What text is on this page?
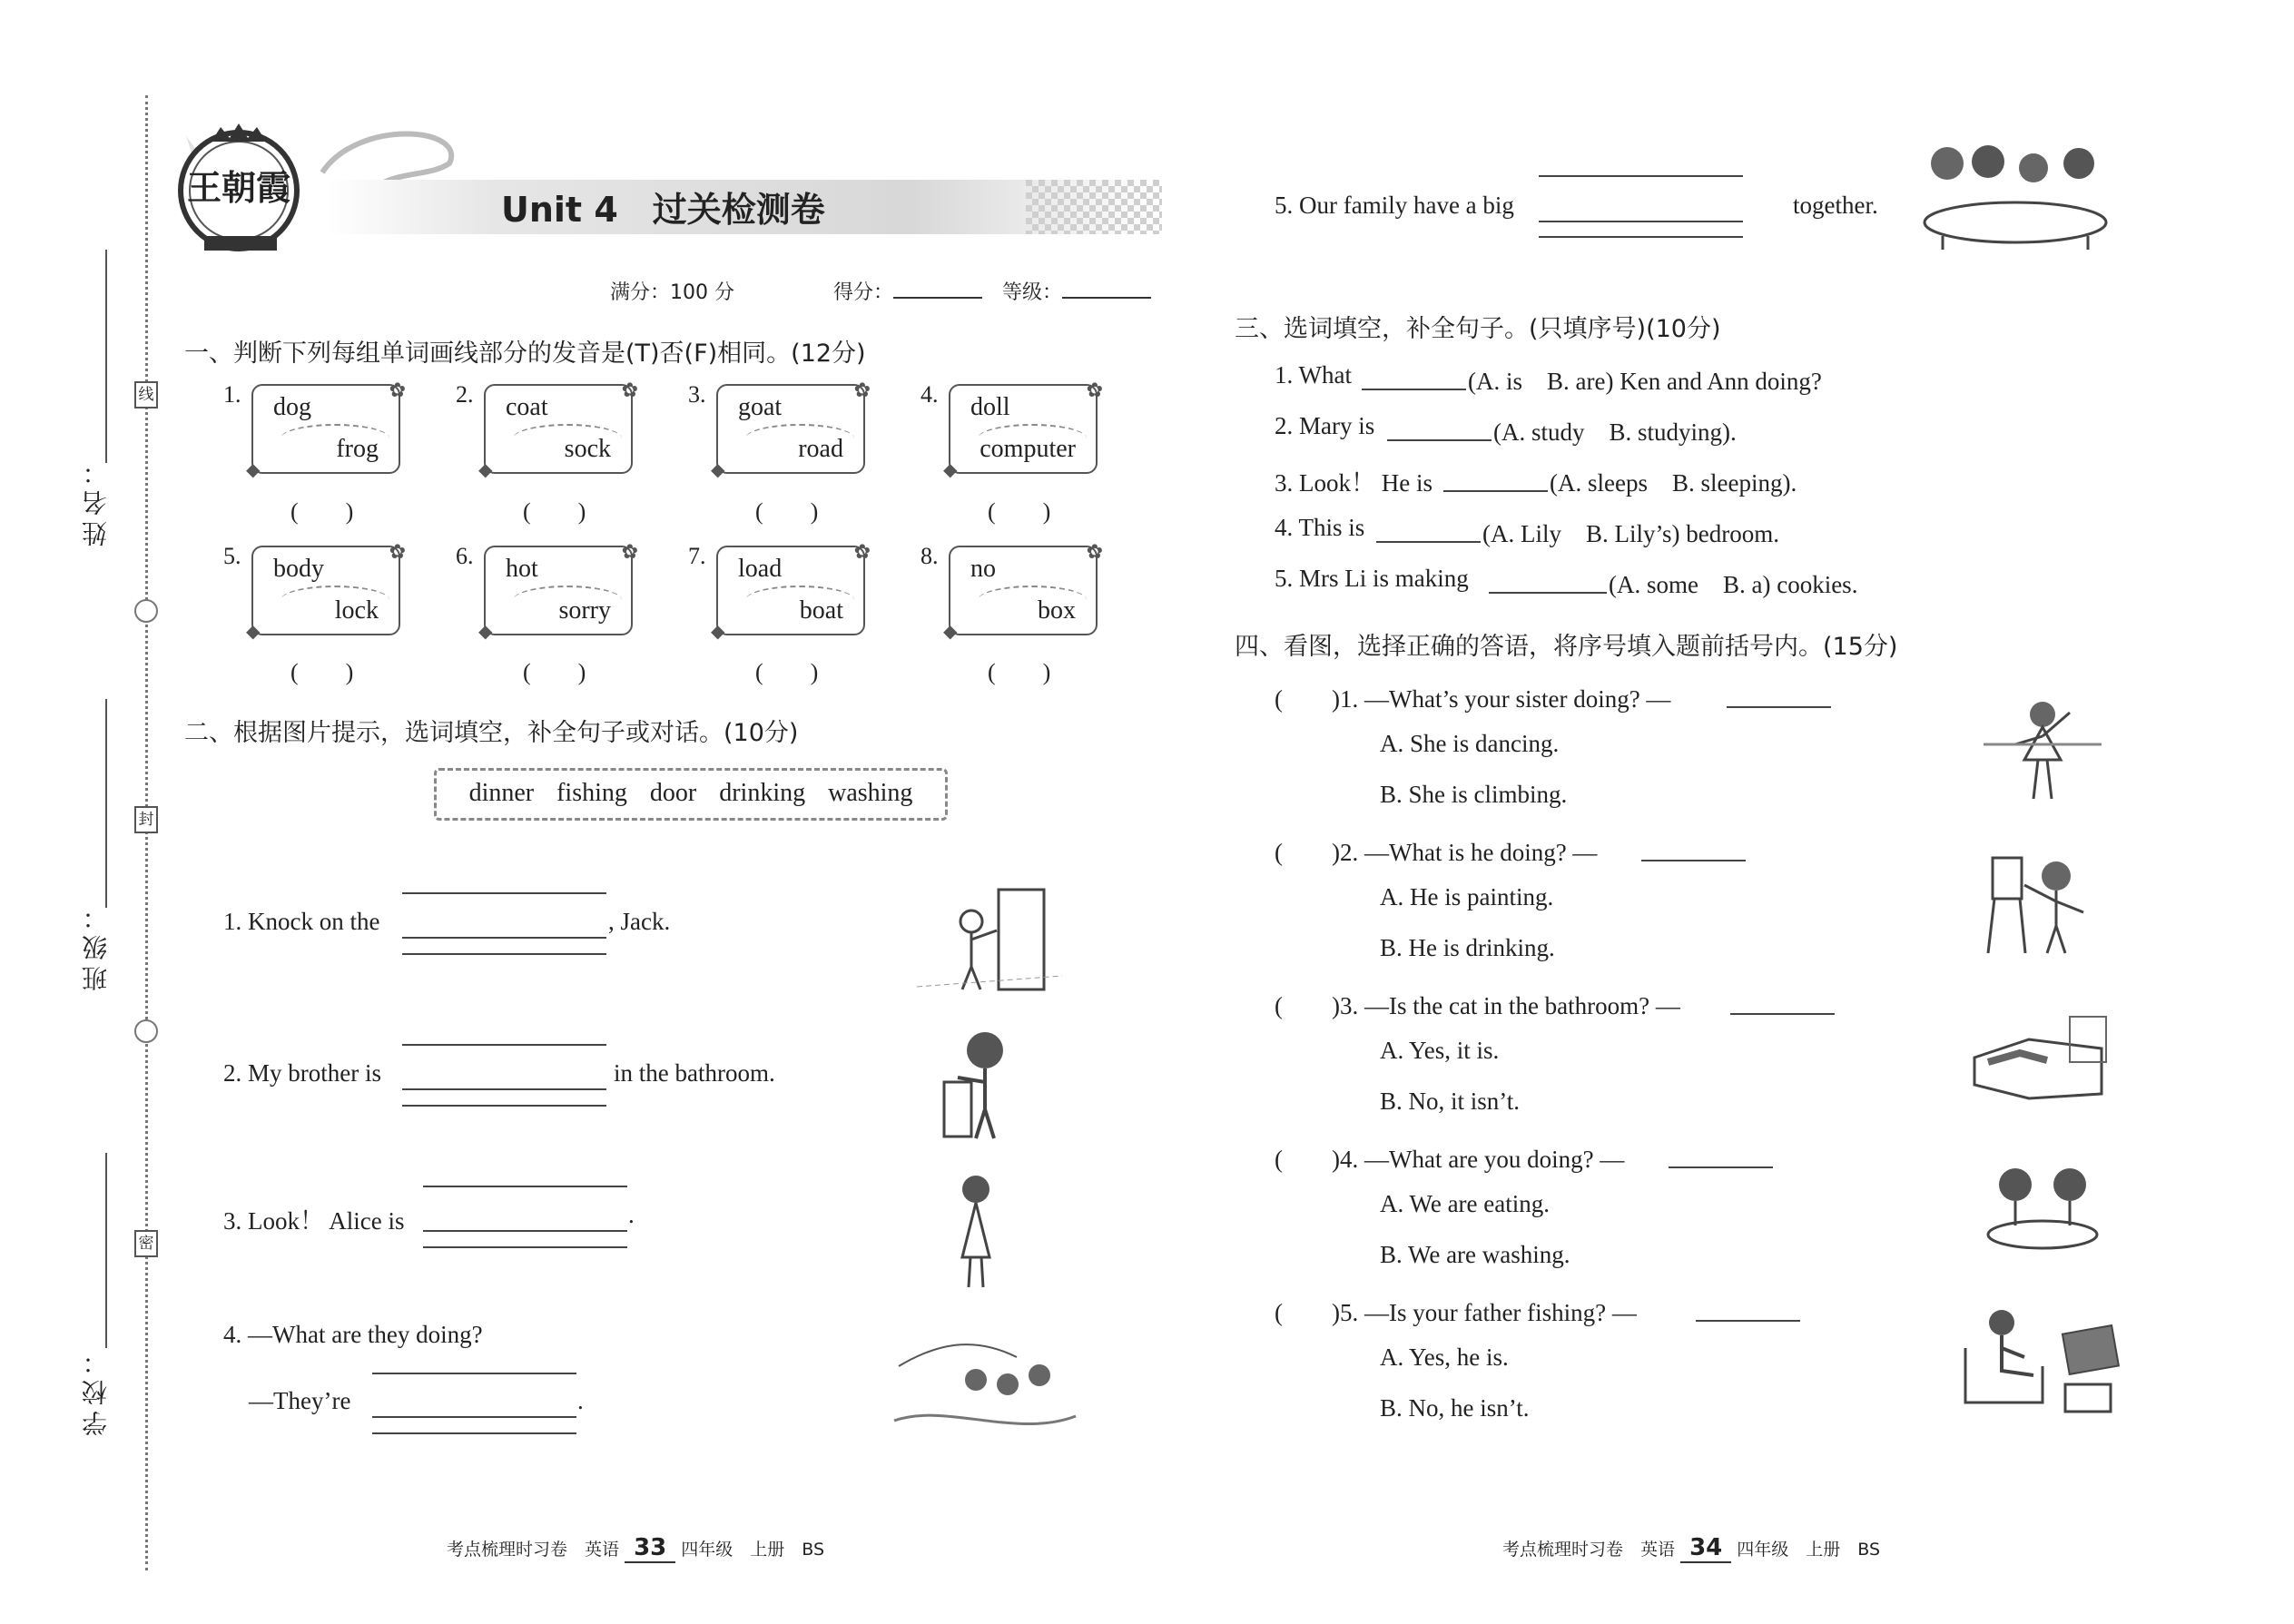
姓名：
班级：
学校：
线
封
密
王朝霞
Unit 4　过关检测卷
满分：100 分	得分：	等级：
一、判断下列每组单词画线部分的发音是(T)否(F)相同。(12分)
1.	✿
◆
dog
frog
(　　)
2.	✿
◆
coat
sock
(　　)
3.	✿
◆
goat
road
(　　)
4.	✿
◆
doll
computer
(　　)
5.	✿
◆
body
lock
(　　)
6.	✿
◆
hot
sorry
(　　)
7.	✿
◆
load
boat
(　　)
8.	✿
◆
no
box
(　　)
二、根据图片提示，选词填空，补全句子或对话。(10分)
dinner fishing door drinking washing
1. Knock on the	, Jack.
2. My brother is	in the bathroom.
3. Look！ Alice is	.
4. —What are they doing?
—They’re	.
5. Our family have a big	together.
三、选词填空，补全句子。(只填序号)(10分)
1. What	(A. is　B. are) Ken and Ann doing?
2. Mary is	(A. study　B. studying).
3. Look！ He is	(A. sleeps　B. sleeping).
4. This is	(A. Lily　B. Lily’s) bedroom.
5. Mrs Li is making	(A. some　B. a) cookies.
四、看图，选择正确的答语，将序号填入题前括号内。(15分)
(　　)1. —What’s your sister doing? —
A. She is dancing.
B. She is climbing.
(　　)2. —What is he doing? —
A. He is painting.
B. He is drinking.
(　　)3. —Is the cat in the bathroom? —
A. Yes, it is.
B. No, it isn’t.
(　　)4. —What are you doing? —
A. We are eating.
B. We are washing.
(　　)5. —Is your father fishing? —
A. Yes, he is.
B. No, he isn’t.
考点梳理时习卷　英语 33 四年级　上册　BS	考点梳理时习卷　英语 34 四年级　上册　BS
